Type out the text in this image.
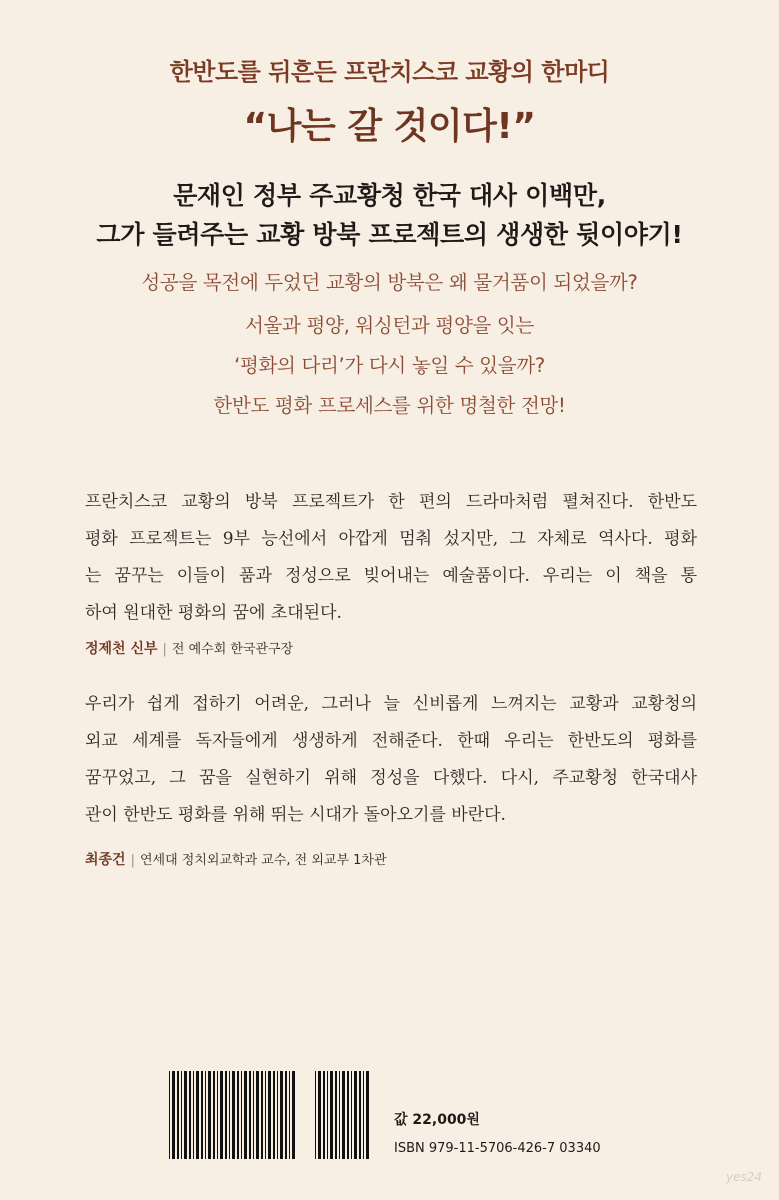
한반도를 뒤흔든 프란치스코 교황의 한마디
“나는 갈 것이다!”
문재인 정부 주교황청 한국 대사 이백만,
그가 들려주는 교황 방북 프로젝트의 생생한 뒷이야기!
성공을 목전에 두었던 교황의 방북은 왜 물거품이 되었을까?
서울과 평양, 워싱턴과 평양을 잇는
‘평화의 다리’가 다시 놓일 수 있을까?
한반도 평화 프로세스를 위한 명철한 전망!
프란치스코 교황의 방북 프로젝트가 한 편의 드라마처럼 펼쳐진다. 한반도
평화 프로젝트는 9부 능선에서 아깝게 멈춰 섰지만, 그 자체로 역사다. 평화
는 꿈꾸는 이들이 품과 정성으로 빚어내는 예술품이다. 우리는 이 책을 통
하여 원대한 평화의 꿈에 초대된다.
정제천 신부 | 전 예수회 한국관구장
우리가 쉽게 접하기 어려운, 그러나 늘 신비롭게 느껴지는 교황과 교황청의
외교 세계를 독자들에게 생생하게 전해준다. 한때 우리는 한반도의 평화를
꿈꾸었고, 그 꿈을 실현하기 위해 정성을 다했다. 다시, 주교황청 한국대사
관이 한반도 평화를 위해 뛰는 시대가 돌아오기를 바란다.
최종건 | 연세대 정치외교학과 교수, 전 외교부 1차관
값 22,000원
ISBN 979-11-5706-426-7 03340
yes24
